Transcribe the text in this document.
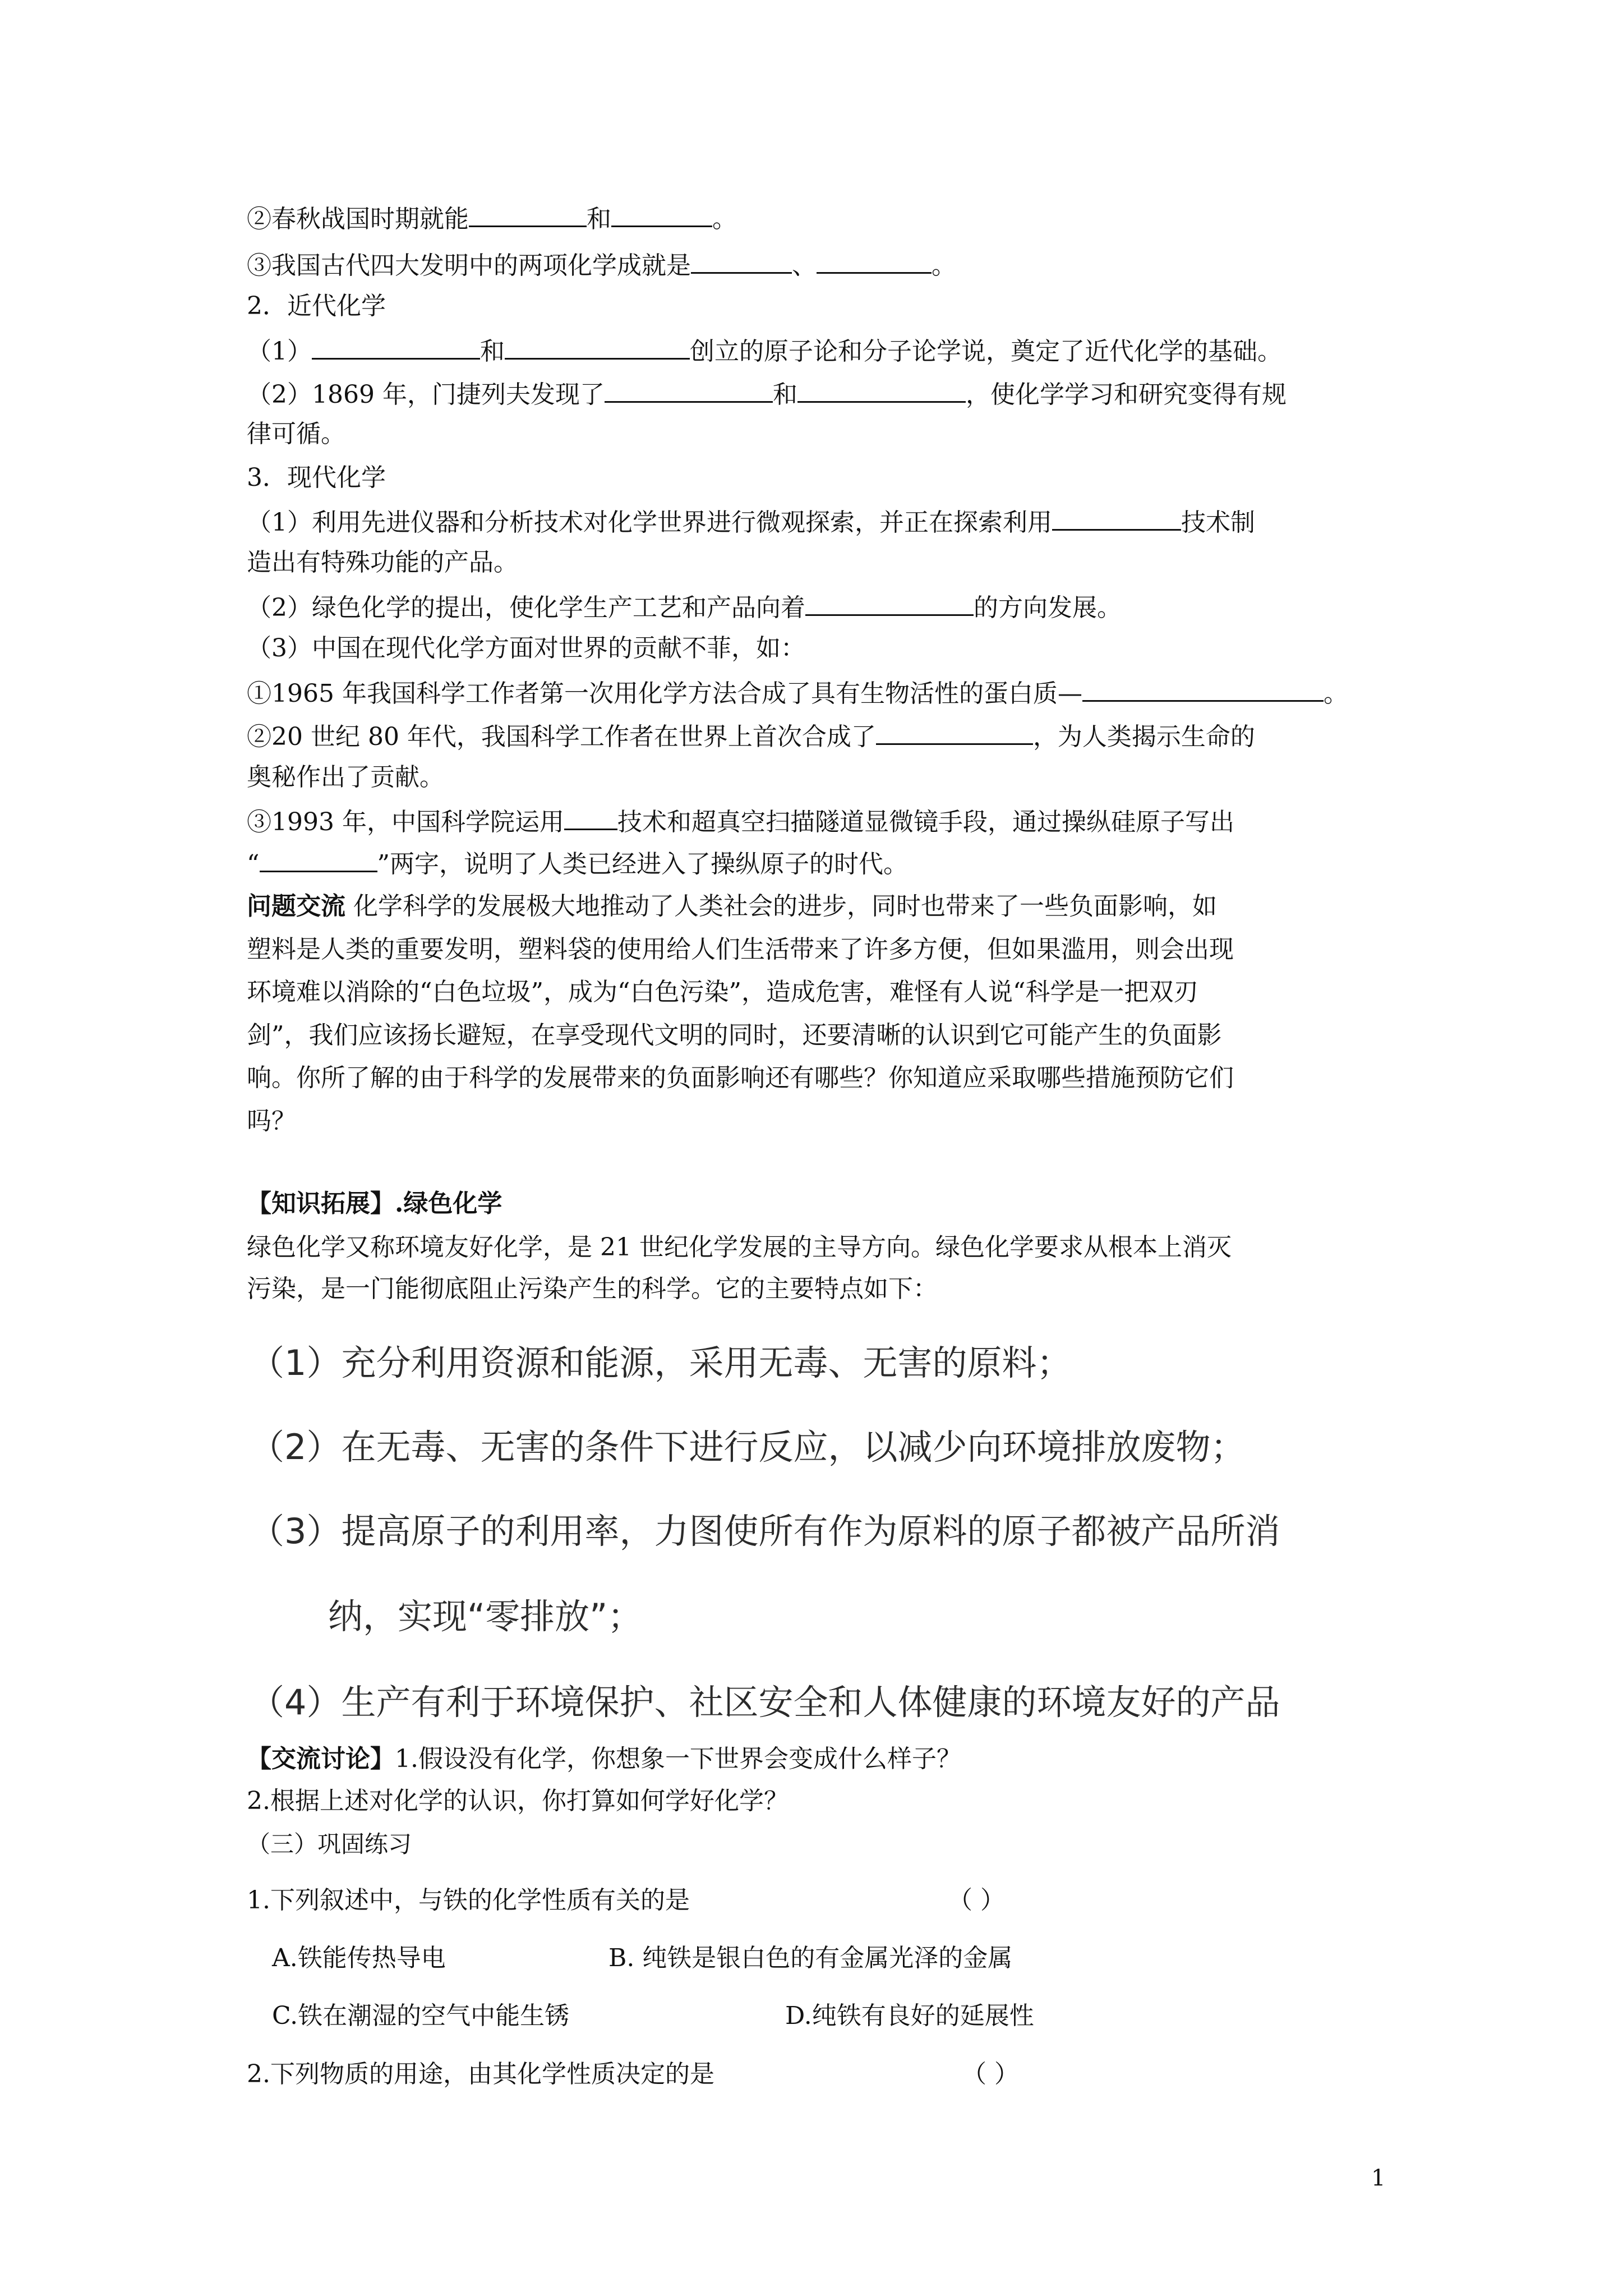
②春秋战国时期就能	和	。
③我国古代四大发明中的两项化学成就是	、	。
2．近代化学
（1）	和	创立的原子论和分子论学说，奠定了近代化学的基础。
（2）1869 年，门捷列夫发现了	和	，使化学学习和研究变得有规
律可循。
3．现代化学
（1）利用先进仪器和分析技术对化学世界进行微观探索，并正在探索利用	技术制
造出有特殊功能的产品。
（2）绿色化学的提出，使化学生产工艺和产品向着	的方向发展。
（3）中国在现代化学方面对世界的贡献不菲，如：
①1965 年我国科学工作者第一次用化学方法合成了具有生物活性的蛋白质—	。
②20 世纪 80 年代，我国科学工作者在世界上首次合成了	，为人类揭示生命的
奥秘作出了贡献。
③1993 年，中国科学院运用 技术和超真空扫描隧道显微镜手段，通过操纵硅原子写出
“	”两字，说明了人类已经进入了操纵原子的时代。
问题交流 化学科学的发展极大地推动了人类社会的进步，同时也带来了一些负面影响，如
塑料是人类的重要发明，塑料袋的使用给人们生活带来了许多方便，但如果滥用，则会出现
环境难以消除的“白色垃圾”，成为“白色污染”，造成危害，难怪有人说“科学是一把双刃
剑”，我们应该扬长避短，在享受现代文明的同时，还要清晰的认识到它可能产生的负面影
响。你所了解的由于科学的发展带来的负面影响还有哪些？你知道应采取哪些措施预防它们
吗？
【知识拓展】.绿色化学
绿色化学又称环境友好化学，是 21 世纪化学发展的主导方向。绿色化学要求从根本上消灭
污染，是一门能彻底阻止污染产生的科学。它的主要特点如下：
（1）充分利用资源和能源，采用无毒、无害的原料；
（2）在无毒、无害的条件下进行反应，以减少向环境排放废物；
（3）提高原子的利用率，力图使所有作为原料的原子都被产品所消
纳，实现“零排放”；
（4）生产有利于环境保护、社区安全和人体健康的环境友好的产品
【交流讨论】1.假设没有化学，你想象一下世界会变成什么样子？
2.根据上述对化学的认识，你打算如何学好化学？
（三）巩固练习
1.下列叙述中，与铁的化学性质有关的是	（ ）
A.铁能传热导电	B. 纯铁是银白色的有金属光泽的金属
C.铁在潮湿的空气中能生锈	D.纯铁有良好的延展性
2.下列物质的用途，由其化学性质决定的是	（ ）
1
